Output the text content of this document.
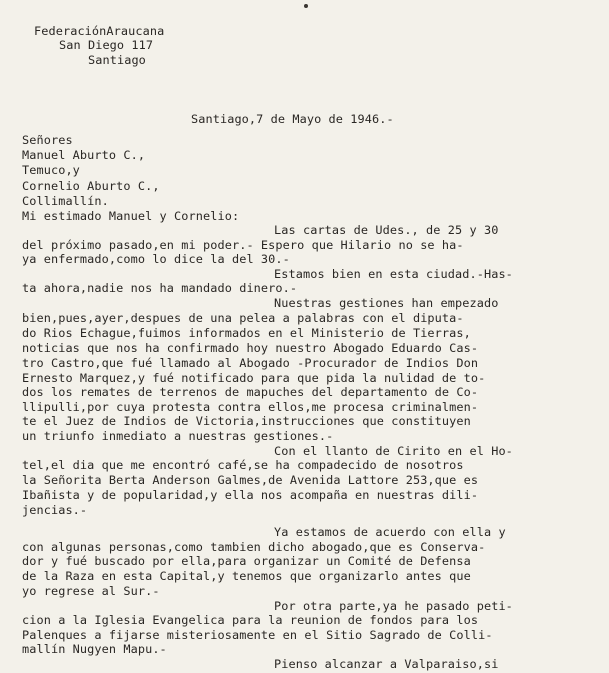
FederaciónAraucana

San Diego 117

Santiago

Santiago,7 de Mayo de 1946.-

Señores

Manuel Aburto C.,

Temuco,y

Cornelio Aburto C.,

Collimallín.

Mi estimado Manuel y Cornelio:

Las cartas de Udes., de 25 y 30

del próximo pasado,en mi poder.- Espero que Hilario no se ha-

ya enfermado,como lo dice la del 30.-

Estamos bien en esta ciudad.-Has-

ta ahora,nadie nos ha mandado dinero.-

Nuestras gestiones han empezado

bien,pues,ayer,despues de una pelea a palabras con el diputa-

do Rios Echague,fuimos informados en el Ministerio de Tierras,

noticias que nos ha confirmado hoy nuestro Abogado Eduardo Cas-

tro Castro,que fué llamado al Abogado -Procurador de Indios Don

Ernesto Marquez,y fué notificado para que pida la nulidad de to-

dos los remates de terrenos de mapuches del departamento de Co-

llipulli,por cuya protesta contra ellos,me procesa criminalmen-

te el Juez de Indios de Victoria,instrucciones que constituyen

un triunfo inmediato a nuestras gestiones.-

Con el llanto de Cirito en el Ho-

tel,el dia que me encontró café,se ha compadecido de nosotros

la Señorita Berta Anderson Galmes,de Avenida Lattore 253,que es

Ibañista y de popularidad,y ella nos acompaña en nuestras dili-

jencias.-

Ya estamos de acuerdo con ella y

con algunas personas,como tambien dicho abogado,que es Conserva-

dor y fué buscado por ella,para organizar un Comité de Defensa

de la Raza en esta Capital,y tenemos que organizarlo antes que

yo regrese al Sur.-

Por otra parte,ya he pasado peti-

cion a la Iglesia Evangelica para la reunion de fondos para los

Palenques a fijarse misteriosamente en el Sitio Sagrado de Colli-

mallín Nugyen Mapu.-

Pienso alcanzar a Valparaiso,si
